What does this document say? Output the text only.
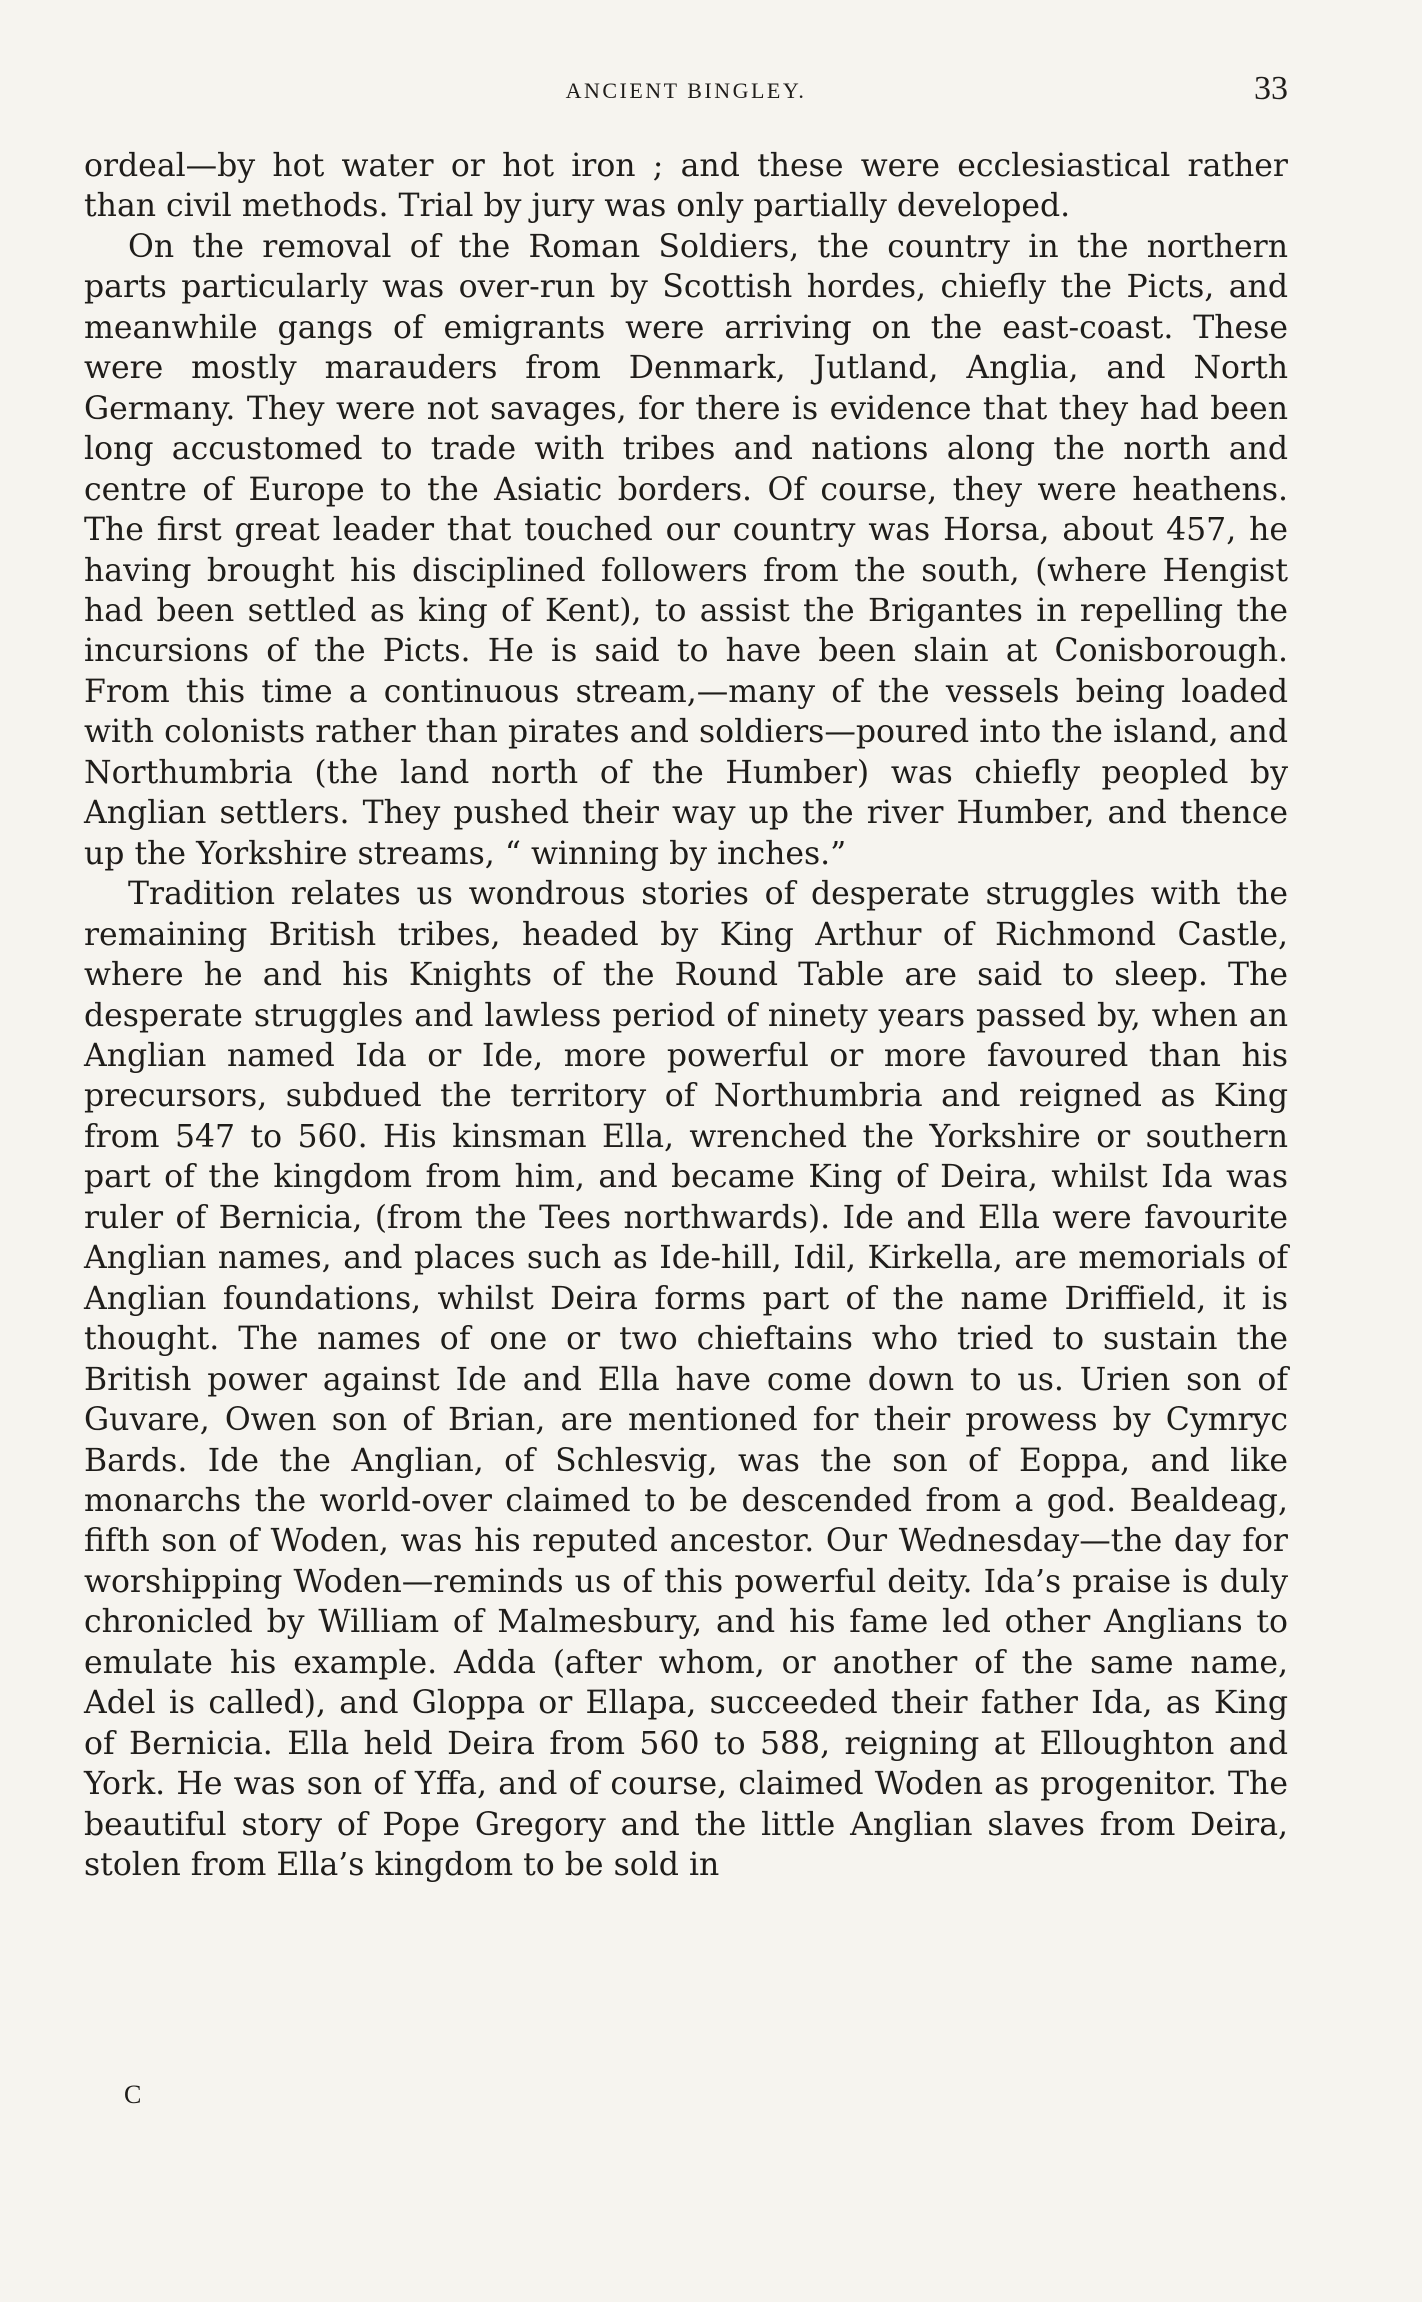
ANCIENT BINGLEY.	33

ordeal—by hot water or hot iron ; and these were ecclesiastical rather than civil methods. Trial by jury was only partially developed.

On the removal of the Roman Soldiers, the country in the northern parts particularly was over-run by Scottish hordes, chiefly the Picts, and meanwhile gangs of emigrants were arriving on the east-coast. These were mostly marauders from Denmark, Jutland, Anglia, and North Germany. They were not savages, for there is evidence that they had been long accustomed to trade with tribes and nations along the north and centre of Europe to the Asiatic borders. Of course, they were heathens. The first great leader that touched our country was Horsa, about 457, he having brought his disciplined followers from the south, (where Hengist had been settled as king of Kent), to assist the Brigantes in repelling the incursions of the Picts. He is said to have been slain at Conisborough. From this time a continuous stream,—many of the vessels being loaded with colonists rather than pirates and soldiers—poured into the island, and Northumbria (the land north of the Humber) was chiefly peopled by Anglian settlers. They pushed their way up the river Humber, and thence up the Yorkshire streams, “ winning by inches.”

Tradition relates us wondrous stories of desperate struggles with the remaining British tribes, headed by King Arthur of Richmond Castle, where he and his Knights of the Round Table are said to sleep. The desperate struggles and lawless period of ninety years passed by, when an Anglian named Ida or Ide, more powerful or more favoured than his precursors, subdued the territory of Northumbria and reigned as King from 547 to 560. His kinsman Ella, wrenched the Yorkshire or southern part of the kingdom from him, and became King of Deira, whilst Ida was ruler of Bernicia, (from the Tees northwards). Ide and Ella were favourite Anglian names, and places such as Ide-hill, Idil, Kirkella, are memorials of Anglian foundations, whilst Deira forms part of the name Driffield, it is thought. The names of one or two chieftains who tried to sustain the British power against Ide and Ella have come down to us. Urien son of Guvare, Owen son of Brian, are mentioned for their prowess by Cymryc Bards. Ide the Anglian, of Schlesvig, was the son of Eoppa, and like monarchs the world-over claimed to be descended from a god. Bealdeag, fifth son of Woden, was his reputed ancestor. Our Wednesday—the day for worshipping Woden—reminds us of this powerful deity. Ida’s praise is duly chronicled by William of Malmesbury, and his fame led other Anglians to emulate his example. Adda (after whom, or another of the same name, Adel is called), and Gloppa or Ellapa, succeeded their father Ida, as King of Bernicia. Ella held Deira from 560 to 588, reigning at Elloughton and York. He was son of Yffa, and of course, claimed Woden as progenitor. The beautiful story of Pope Gregory and the little Anglian slaves from Deira, stolen from Ella’s kingdom to be sold in

C
